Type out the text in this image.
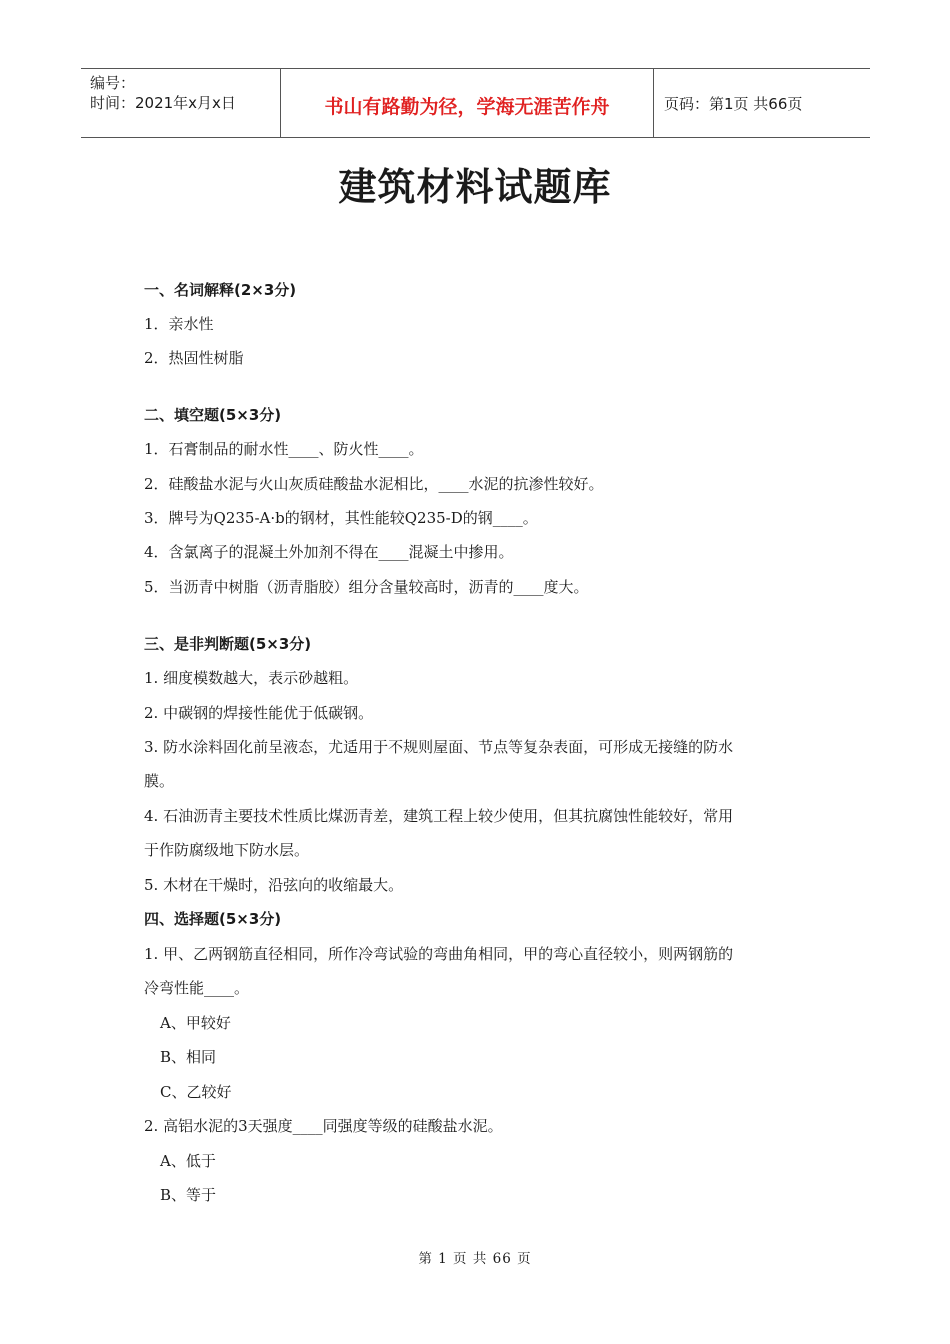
编号：
时间：2021年x月x日	书山有路勤为径，学海无涯苦作舟	页码：第1页 共66页
建筑材料试题库
一、名词解释(2×3分)
1．亲水性
2．热固性树脂
二、填空题(5×3分)
1．石膏制品的耐水性____、防火性____。
2．硅酸盐水泥与火山灰质硅酸盐水泥相比，____水泥的抗渗性较好。
3．牌号为Q235-A·b的钢材，其性能较Q235-D的钢____。
4．含氯离子的混凝土外加剂不得在____混凝土中掺用。
5．当沥青中树脂（沥青脂胶）组分含量较高时，沥青的____度大。
三、是非判断题(5×3分)
1. 细度模数越大，表示砂越粗。
2. 中碳钢的焊接性能优于低碳钢。
3. 防水涂料固化前呈液态，尤适用于不规则屋面、节点等复杂表面，可形成无接缝的防水
膜。
4. 石油沥青主要技术性质比煤沥青差，建筑工程上较少使用，但其抗腐蚀性能较好，常用
于作防腐级地下防水层。
5. 木材在干燥时，沿弦向的收缩最大。
四、选择题(5×3分)
1. 甲、乙两钢筋直径相同，所作冷弯试验的弯曲角相同，甲的弯心直径较小，则两钢筋的
冷弯性能____。
A、甲较好
B、相同
C、乙较好
2. 高铝水泥的3天强度____同强度等级的硅酸盐水泥。
A、低于
B、等于
第 1 页 共 66 页
